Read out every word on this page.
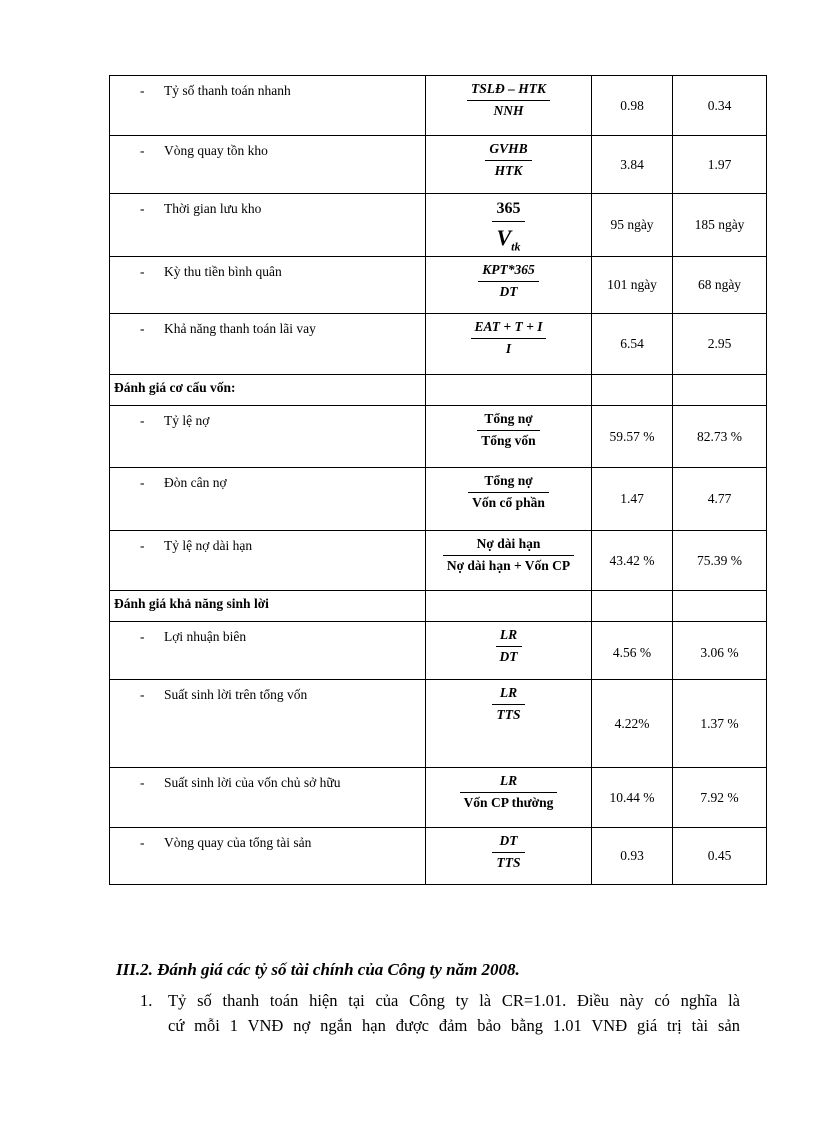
- Tỷ số thanh toán nhanh	$\frac{\text{TSLĐ – HTK}}{\text{NNH}}$	0.98	0.34
- Vòng quay tồn kho	$\frac{\text{GVHB}}{\text{HTK}}$	3.84	1.97
- Thời gian lưu kho	$\frac{365}{V_{tk}}$	95 ngày	185 ngày
- Kỳ thu tiền bình quân	$\frac{\text{KPT*365}}{DT}$	101 ngày	68 ngày
- Khả năng thanh toán lãi vay	$\frac{\text{EAT + T + I}}{I}$	6.54	2.95
Đánh giá cơ cấu vốn:			
- Tỷ lệ nợ	$\frac{\text{Tổng nợ}}{\text{Tổng vốn}}$	59.57 %	82.73 %
- Đòn cân nợ	$\frac{\text{Tổng nợ}}{\text{Vốn cổ phần}}$	1.47	4.77
- Tỷ lệ nợ dài hạn	$\frac{\text{Nợ dài hạn}}{\text{Nợ dài hạn + Vốn CP}}$	43.42 %	75.39 %
Đánh giá khả năng sinh lời			
- Lợi nhuận biên	$\frac{LR}{DT}$	4.56 %	3.06 %
- Suất sinh lời trên tổng vốn	$\frac{LR}{\text{TTS}}$	4.22%	1.37 %
- Suất sinh lời của vốn chủ sở hữu	$\frac{LR}{\text{Vốn CP thường}}$	10.44 %	7.92 %
- Vòng quay của tổng tài sản	$\frac{DT}{\text{TTS}}$	0.93	0.45
III.2. Đánh giá các tỷ số tài chính của Công ty năm 2008.
1. Tỷ số thanh toán hiện tại của Công ty là CR=1.01. Điều này có nghĩa là
cứ mỗi 1 VNĐ nợ ngắn hạn được đảm bảo bằng 1.01 VNĐ giá trị tài sản
